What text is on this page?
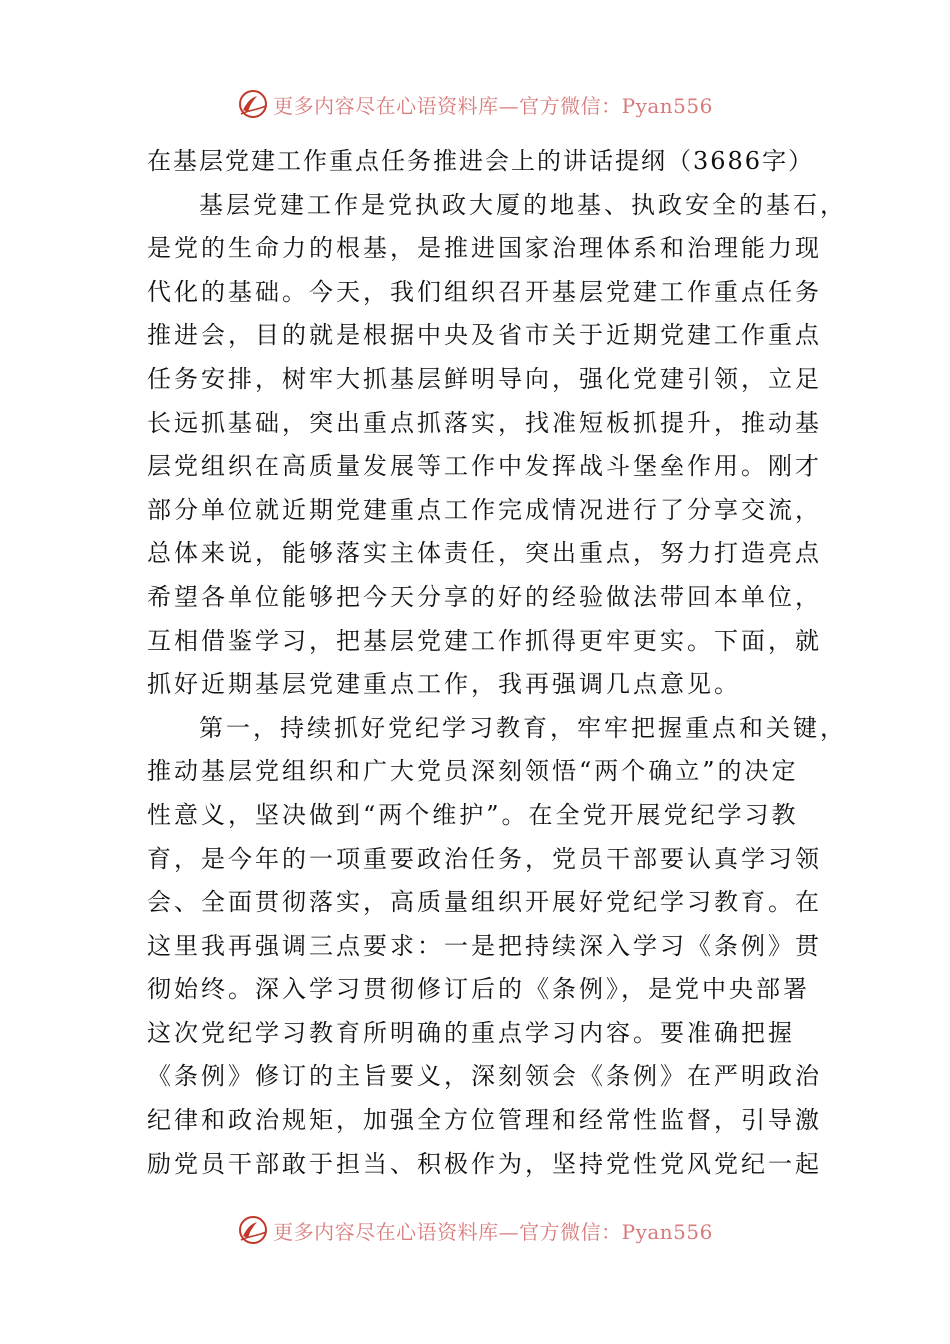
更多内容尽在心语资料库—官方微信：Pyan556
在基层党建工作重点任务推进会上的讲话提纲（3686字）
基层党建工作是党执政大厦的地基、执政安全的基石，
是党的生命力的根基，是推进国家治理体系和治理能力现
代化的基础。今天，我们组织召开基层党建工作重点任务
推进会，目的就是根据中央及省市关于近期党建工作重点
任务安排，树牢大抓基层鲜明导向，强化党建引领，立足
长远抓基础，突出重点抓落实，找准短板抓提升，推动基
层党组织在高质量发展等工作中发挥战斗堡垒作用。刚才
部分单位就近期党建重点工作完成情况进行了分享交流，
总体来说，能够落实主体责任，突出重点，努力打造亮点
希望各单位能够把今天分享的好的经验做法带回本单位，
互相借鉴学习，把基层党建工作抓得更牢更实。下面，就
抓好近期基层党建重点工作，我再强调几点意见。
第一，持续抓好党纪学习教育，牢牢把握重点和关键，
推动基层党组织和广大党员深刻领悟“两个确立”的决定
性意义，坚决做到“两个维护”。在全党开展党纪学习教
育，是今年的一项重要政治任务，党员干部要认真学习领
会、全面贯彻落实，高质量组织开展好党纪学习教育。在
这里我再强调三点要求：一是把持续深入学习《条例》贯
彻始终。深入学习贯彻修订后的《条例》，是党中央部署
这次党纪学习教育所明确的重点学习内容。要准确把握
《条例》修订的主旨要义，深刻领会《条例》在严明政治
纪律和政治规矩，加强全方位管理和经常性监督，引导激
励党员干部敢于担当、积极作为，坚持党性党风党纪一起
更多内容尽在心语资料库—官方微信：Pyan556
